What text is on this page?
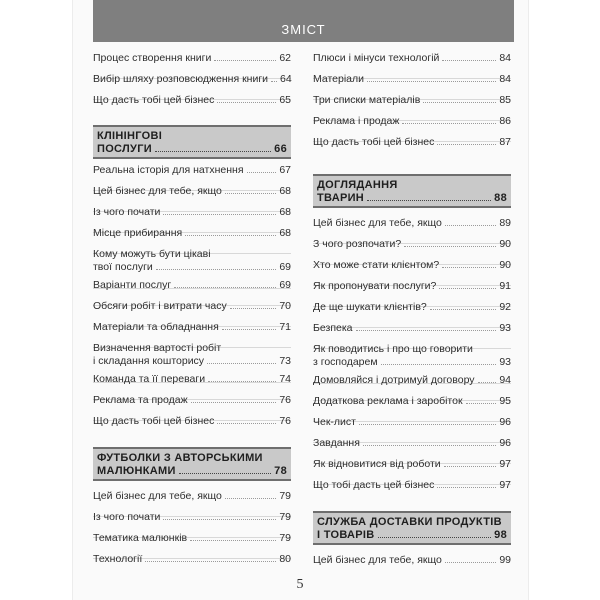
ЗМІСТ
Процес створення книги	62
Вибір шляху розповсюдження книги 64
Що дасть тобі цей бізнес	65
КЛІНІНГОВІ
ПОСЛУГИ	66
Реальна історія для натхнення	67
Цей бізнес для тебе, якщо	68
Із чого почати	68
Місце прибирання	68
Кому можуть бути цікаві
твої послуги	69
Варіанти послуг	69
Обсяги робіт і витрати часу	70
Матеріали та обладнання	71
Визначення вартості робіт
і складання кошторису	73
Команда та її переваги	74
Реклама та продаж	76
Що дасть тобі цей бізнес	76
ФУТБОЛКИ З АВТОРСЬКИМИ
МАЛЮНКАМИ	78
Цей бізнес для тебе, якщо	79
Із чого почати	79
Тематика малюнків	79
Технології	80
Плюси і мінуси технологій	84
Матеріали	84
Три списки матеріалів	85
Реклама і продаж	86
Що дасть тобі цей бізнес	87
ДОГЛЯДАННЯ
ТВАРИН	88
Цей бізнес для тебе, якщо	89
З чого розпочати?	90
Хто може стати клієнтом?	90
Як пропонувати послуги?	91
Де ще шукати клієнтів?	92
Безпека	93
Як поводитись і про що говорити
з господарем	93
Домовляйся і дотримуй договору 94
Додаткова реклама і заробіток	95
Чек-лист	96
Завдання	96
Як відновитися від роботи	97
Що тобі дасть цей бізнес	97
СЛУЖБА ДОСТАВКИ ПРОДУКТІВ
І ТОВАРІВ	98
Цей бізнес для тебе, якщо	99
5
